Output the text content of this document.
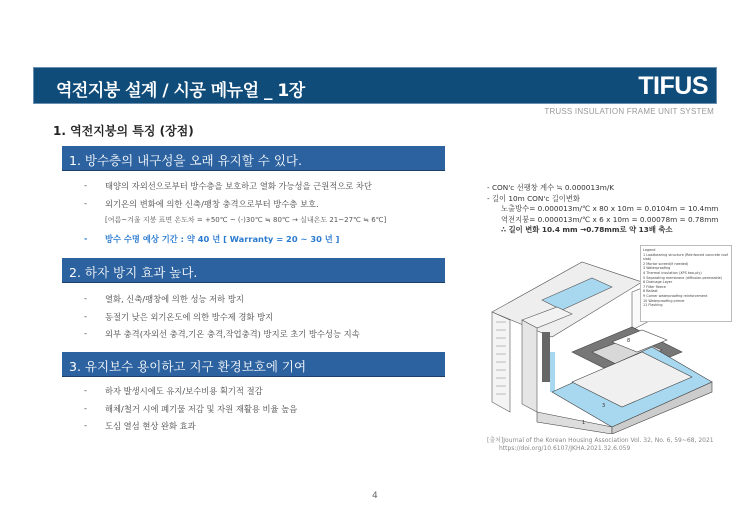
역전지붕 설계 / 시공 메뉴얼 _ 1장	TIFUS
TRUSS INSULATION FRAME UNIT SYSTEM
1. 역전지붕의 특징 (장점)
1. 방수층의 내구성을 오래 유지할 수 있다.
- 태양의 자외선으로부터 방수층을 보호하고 열화 가능성을 근원적으로 차단
- 외기온의 변화에 의한 신축/팽창 충격으로부터 방수층 보호.
[여름~겨울 지붕 표면 온도차 = +50℃ ~ (-)30℃ ≒ 80℃ → 실내온도 21~27℃ ≒ 6℃]
- 방수 수명 예상 기간 : 약 40 년 [ Warranty = 20 ~ 30 년 ]
2. 하자 방지 효과 높다.
- 열화, 신축/팽창에 의한 성능 저하 방지
- 동절기 낮은 외기온도에 의한 방수제 경화 방지
- 외부 충격(자외선 충격,기온 충격,작업충격) 방지로 초기 방수성능 지속
3. 유지보수 용이하고 지구 환경보호에 기여
- 하자 발생시에도 유지/보수비용 획기적 절감
- 해체/철거 시에 폐기물 저감 및 자원 재활용 비율 높음
- 도심 열섬 현상 완화 효과
- CON'c 선팽창 계수 ≒ 0.000013m/K
- 길이 10m CON'c 길이변화
노출방수= 0.000013m/℃ x 80 x 10m = 0.0104m = 10.4mm
역전지붕= 0.000013m/℃ x 6 x 10m = 0.00078m = 0.78mm
∴ 길이 변화 10.4 mm →0.78mm로 약 13배 축소
8
3
1
Legend
1 Loadbearing structure (Reinforced concrete roof slab)
2 Mortar screed(if needed)
3 Waterproofing
4 Thermal insulation (XPS two-ply)
5 Separating membrane (diffusion-permeable)
6 Drainage Layer
7 Filter fleece
8 Ballast
9 Corner waterproofing reinforcement
10 Waterproofing primer
11 Flashing
[출처]Journal of the Korean Housing Association Vol. 32, No. 6, 59~68, 2021
https://doi.org/10.6107/JKHA.2021.32.6.059
4
